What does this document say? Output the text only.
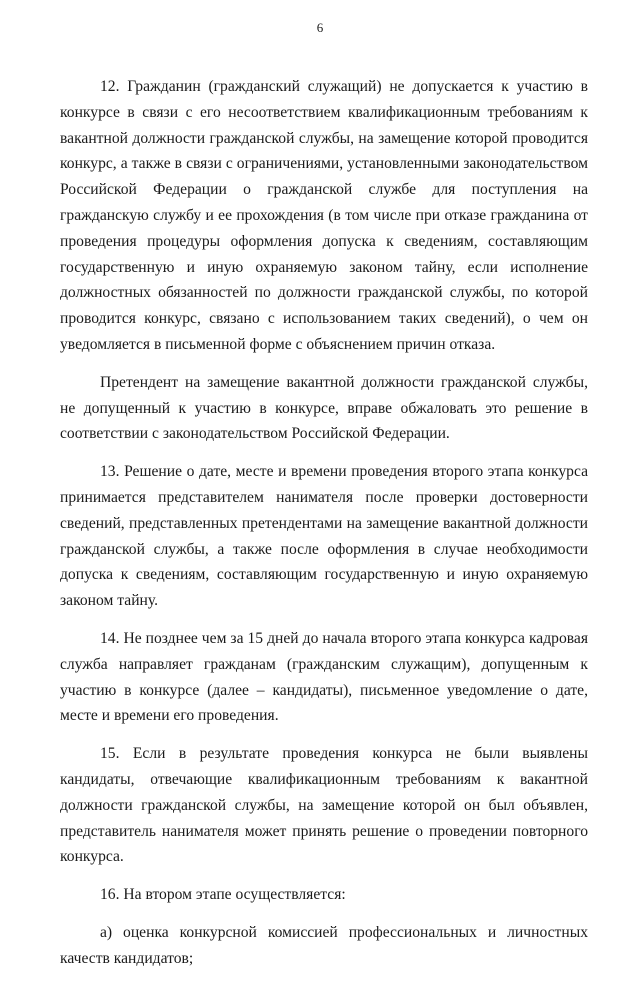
6

12. Гражданин (гражданский служащий) не допускается к участию в конкурсе в связи с его несоответствием квалификационным требованиям к вакантной должности гражданской службы, на замещение которой проводится конкурс, а также в связи с ограничениями, установленными законодательством Российской Федерации о гражданской службе для поступления на гражданскую службу и ее прохождения (в том числе при отказе гражданина от проведения процедуры оформления допуска к сведениям, составляющим государственную и иную охраняемую законом тайну, если исполнение должностных обязанностей по должности гражданской службы, по которой проводится конкурс, связано с использованием таких сведений), о чем он уведомляется в письменной форме с объяснением причин отказа.

Претендент на замещение вакантной должности гражданской службы, не допущенный к участию в конкурсе, вправе обжаловать это решение в соответствии с законодательством Российской Федерации.

13. Решение о дате, месте и времени проведения второго этапа конкурса принимается представителем нанимателя после проверки достоверности сведений, представленных претендентами на замещение вакантной должности гражданской службы, а также после оформления в случае необходимости допуска к сведениям, составляющим государственную и иную охраняемую законом тайну.

14. Не позднее чем за 15 дней до начала второго этапа конкурса кадровая служба направляет гражданам (гражданским служащим), допущенным к участию в конкурсе (далее – кандидаты), письменное уведомление о дате, месте и времени его проведения.

15. Если в результате проведения конкурса не были выявлены кандидаты, отвечающие квалификационным требованиям к вакантной должности гражданской службы, на замещение которой он был объявлен, представитель нанимателя может принять решение о проведении повторного конкурса.

16. На втором этапе осуществляется:

а) оценка конкурсной комиссией профессиональных и личностных качеств кандидатов;
